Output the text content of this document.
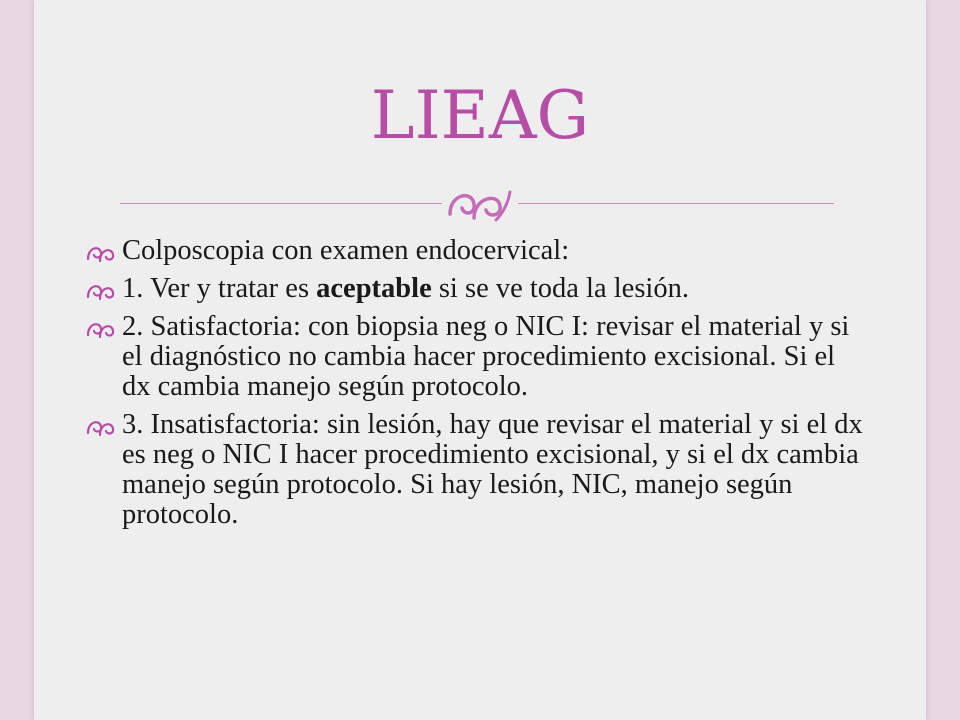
LIEAG
Colposcopia con examen endocervical:
1. Ver y tratar es aceptable si se ve toda la lesión.
2. Satisfactoria: con biopsia neg o NIC I: revisar el material y si el diagnóstico no cambia hacer procedimiento excisional. Si el dx cambia manejo según protocolo.
3. Insatisfactoria: sin lesión, hay que revisar el material y si el dx es neg o NIC I hacer procedimiento excisional, y si el dx cambia manejo según protocolo. Si hay lesión, NIC, manejo según protocolo.
